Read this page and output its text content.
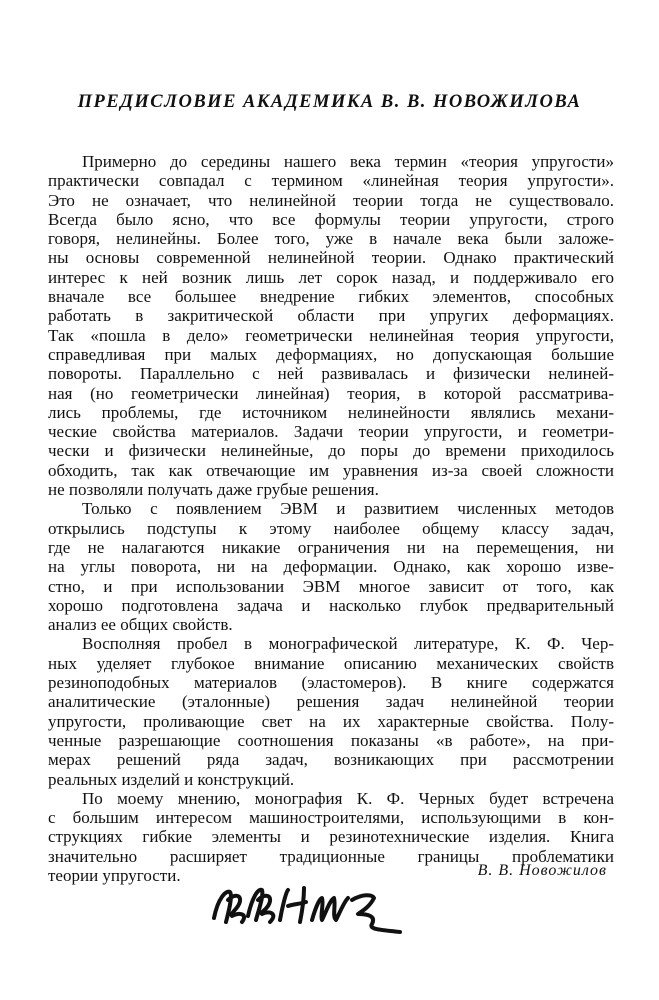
ПРЕДИСЛОВИЕ АКАДЕМИКА В. В. НОВОЖИЛОВА

Примерно до середины нашего века термин «теория упругости»
практически совпадал с термином «линейная теория упругости».
Это не означает, что нелинейной теории тогда не существовало.
Всегда было ясно, что все формулы теории упругости, строго
говоря, нелинейны. Более того, уже в начале века были заложе-
ны основы современной нелинейной теории. Однако практический
интерес к ней возник лишь лет сорок назад, и поддерживало его
вначале все большее внедрение гибких элементов, способных
работать в закритической области при упругих деформациях.
Так «пошла в дело» геометрически нелинейная теория упругости,
справедливая при малых деформациях, но допускающая большие
повороты. Параллельно с ней развивалась и физически нелиней-
ная (но геометрически линейная) теория, в которой рассматрива-
лись проблемы, где источником нелинейности являлись механи-
ческие свойства материалов. Задачи теории упругости, и геометри-
чески и физически нелинейные, до поры до времени приходилось
обходить, так как отвечающие им уравнения из-за своей сложности
не позволяли получать даже грубые решения.

Только с появлением ЭВМ и развитием численных методов
открылись подступы к этому наиболее общему классу задач,
где не налагаются никакие ограничения ни на перемещения, ни
на углы поворота, ни на деформации. Однако, как хорошо изве-
стно, и при использовании ЭВМ многое зависит от того, как
хорошо подготовлена задача и насколько глубок предварительный
анализ ее общих свойств.

Восполняя пробел в монографической литературе, К. Ф. Чер-
ных уделяет глубокое внимание описанию механических свойств
резиноподобных материалов (эластомеров). В книге содержатся
аналитические (эталонные) решения задач нелинейной теории
упругости, проливающие свет на их характерные свойства. Полу-
ченные разрешающие соотношения показаны «в работе», на при-
мерах решений ряда задач, возникающих при рассмотрении
реальных изделий и конструкций.

По моему мнению, монография К. Ф. Черных будет встречена
с большим интересом машиностроителями, использующими в кон-
струкциях гибкие элементы и резинотехнические изделия. Книга
значительно расширяет традиционные границы проблематики
теории упругости.	В. В. Новожилов
